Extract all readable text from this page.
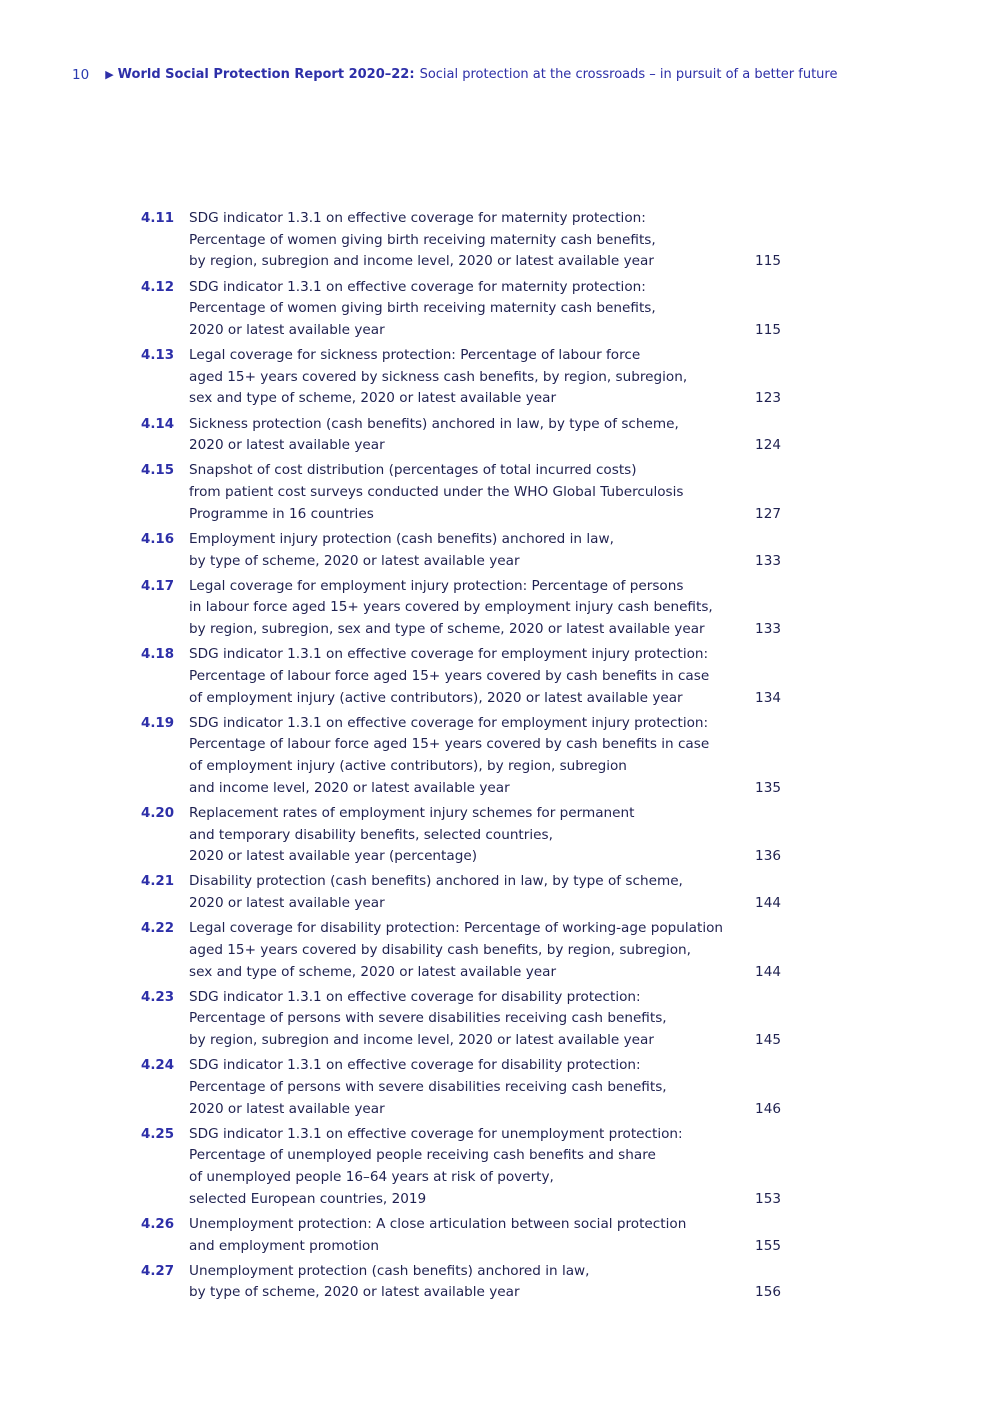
10 ▶ World Social Protection Report 2020–22: Social protection at the crossroads – in pursuit of a better future
4.11	SDG indicator 1.3.1 on effective coverage for maternity protection:
Percentage of women giving birth receiving maternity cash benefits,
by region, subregion and income level, 2020 or latest available year	115
4.12	SDG indicator 1.3.1 on effective coverage for maternity protection:
Percentage of women giving birth receiving maternity cash benefits,
2020 or latest available year	115
4.13	Legal coverage for sickness protection: Percentage of labour force
aged 15+ years covered by sickness cash benefits, by region, subregion,
sex and type of scheme, 2020 or latest available year	123
4.14	Sickness protection (cash benefits) anchored in law, by type of scheme,
2020 or latest available year	124
4.15	Snapshot of cost distribution (percentages of total incurred costs)
from patient cost surveys conducted under the WHO Global Tuberculosis
Programme in 16 countries	127
4.16	Employment injury protection (cash benefits) anchored in law,
by type of scheme, 2020 or latest available year	133
4.17	Legal coverage for employment injury protection: Percentage of persons
in labour force aged 15+ years covered by employment injury cash benefits,
by region, subregion, sex and type of scheme, 2020 or latest available year	133
4.18	SDG indicator 1.3.1 on effective coverage for employment injury protection:
Percentage of labour force aged 15+ years covered by cash benefits in case
of employment injury (active contributors), 2020 or latest available year	134
4.19	SDG indicator 1.3.1 on effective coverage for employment injury protection:
Percentage of labour force aged 15+ years covered by cash benefits in case
of employment injury (active contributors), by region, subregion
and income level, 2020 or latest available year	135
4.20	Replacement rates of employment injury schemes for permanent
and temporary disability benefits, selected countries,
2020 or latest available year (percentage)	136
4.21	Disability protection (cash benefits) anchored in law, by type of scheme,
2020 or latest available year	144
4.22	Legal coverage for disability protection: Percentage of working-age population
aged 15+ years covered by disability cash benefits, by region, subregion,
sex and type of scheme, 2020 or latest available year	144
4.23	SDG indicator 1.3.1 on effective coverage for disability protection:
Percentage of persons with severe disabilities receiving cash benefits,
by region, subregion and income level, 2020 or latest available year	145
4.24	SDG indicator 1.3.1 on effective coverage for disability protection:
Percentage of persons with severe disabilities receiving cash benefits,
2020 or latest available year	146
4.25	SDG indicator 1.3.1 on effective coverage for unemployment protection:
Percentage of unemployed people receiving cash benefits and share
of unemployed people 16–64 years at risk of poverty,
selected European countries, 2019	153
4.26	Unemployment protection: A close articulation between social protection
and employment promotion	155
4.27	Unemployment protection (cash benefits) anchored in law,
by type of scheme, 2020 or latest available year	156
